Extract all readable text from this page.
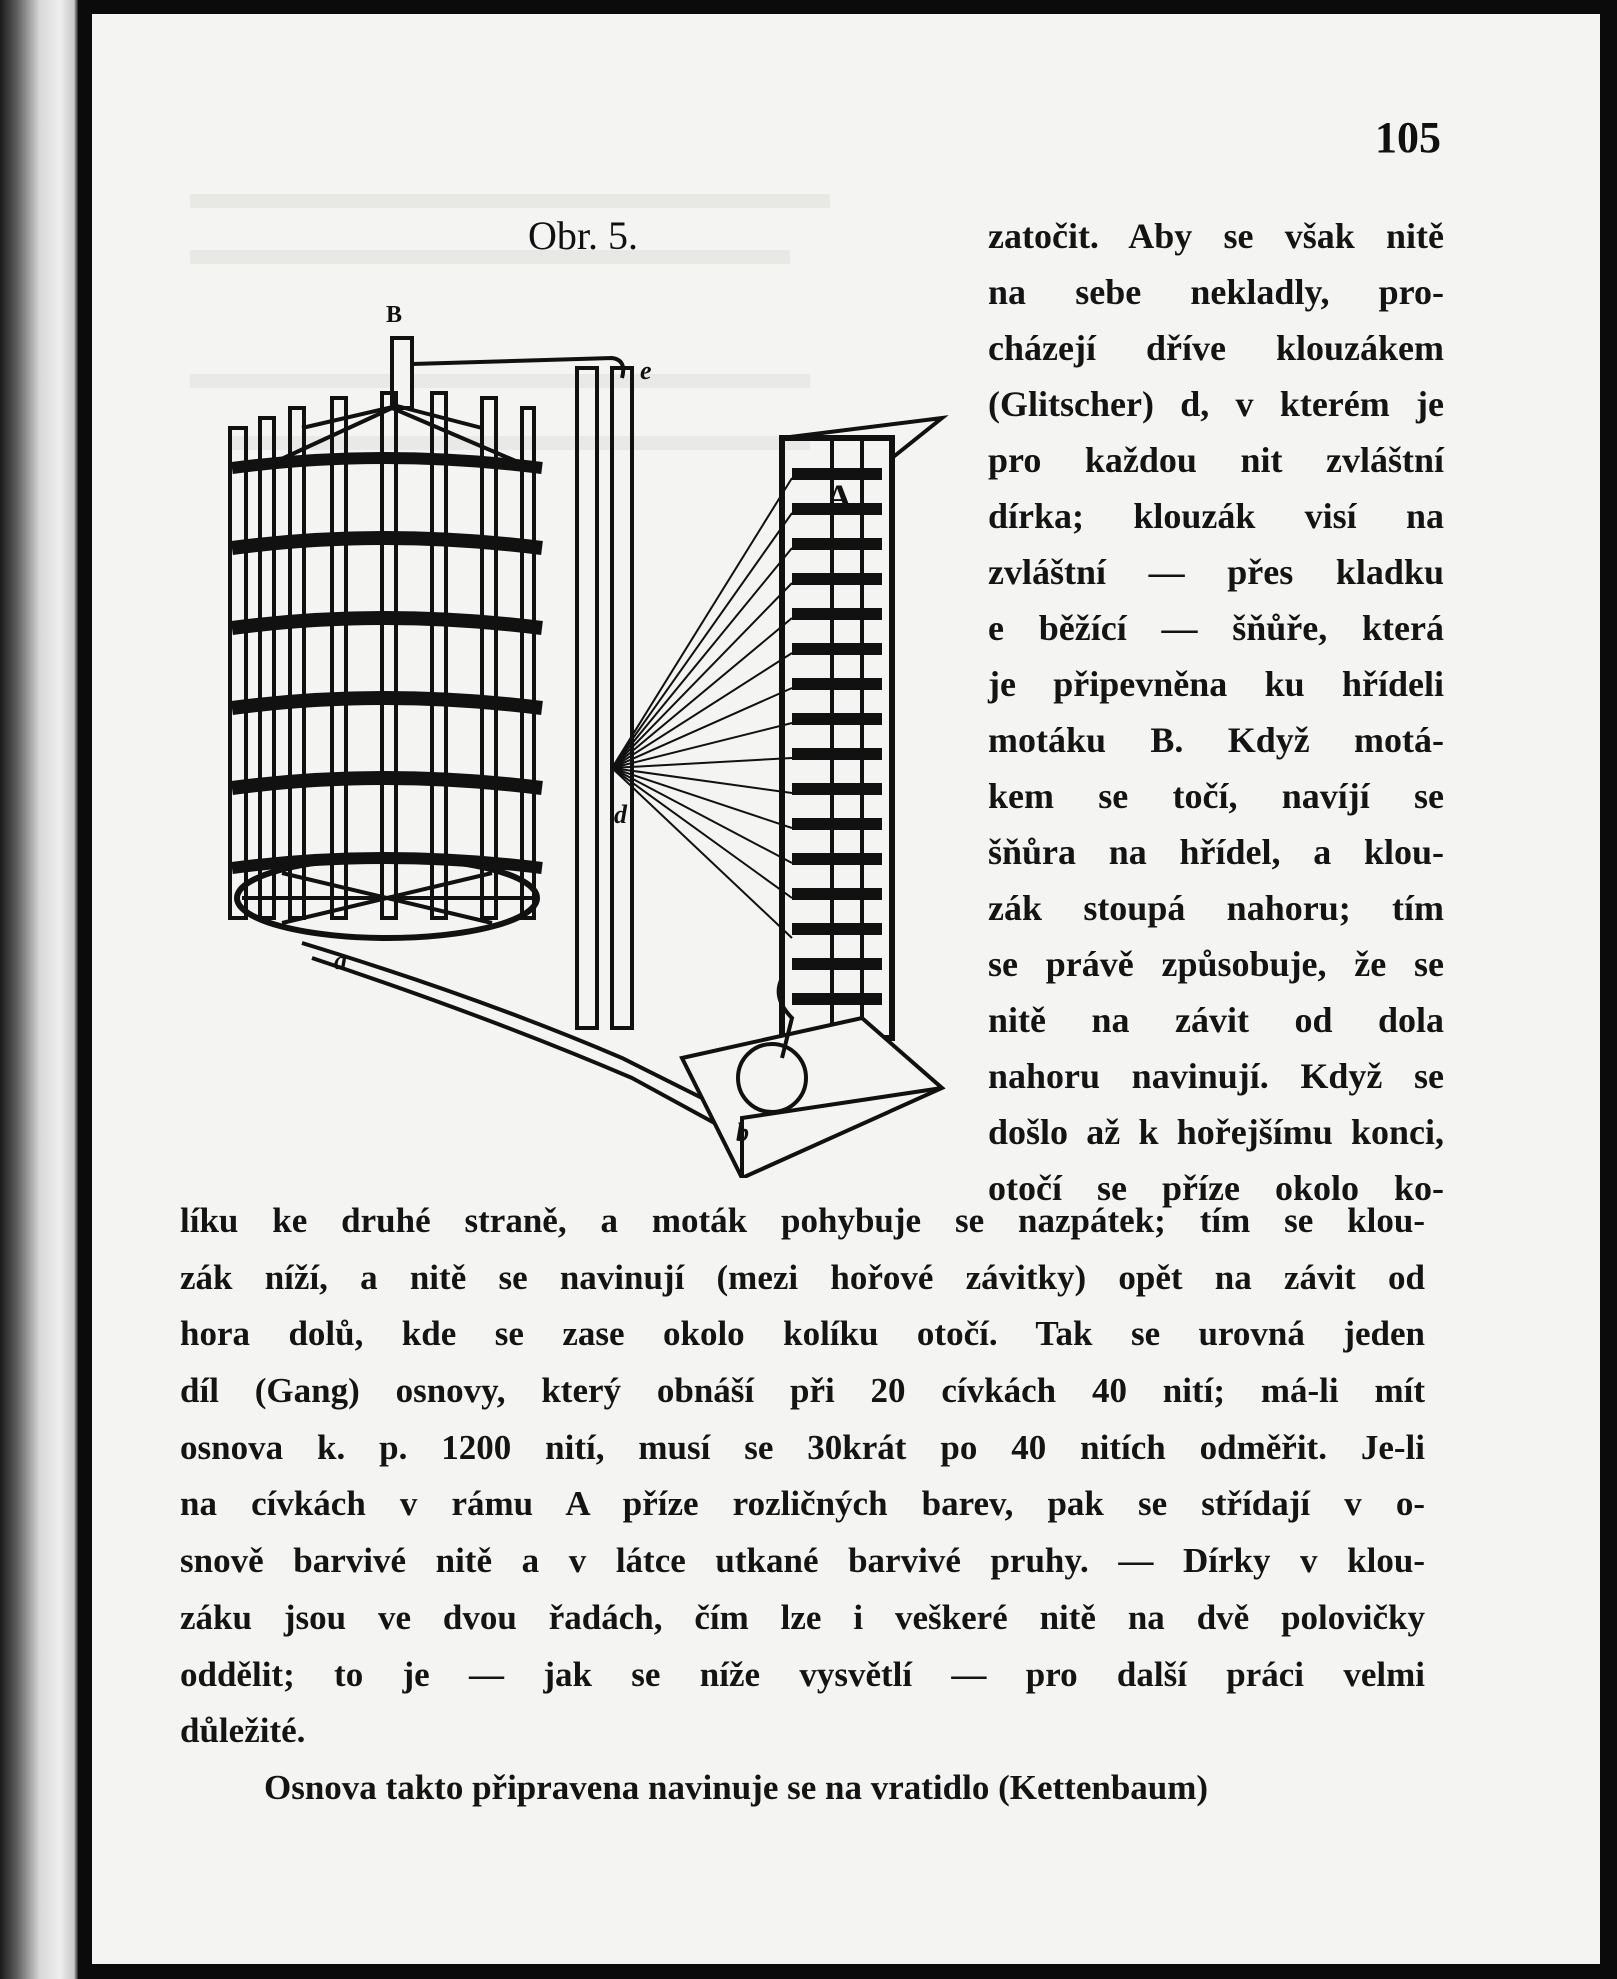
105
Obr. 5.
B
e
A
d
a
b
zatočit. Aby se však nitě
na sebe nekladly, pro-
cházejí dříve klouzákem
(Glitscher) d, v kterém je
pro každou nit zvláštní
dírka; klouzák visí na
zvláštní — přes kladku
e běžící — šňůře, která
je připevněna ku hřídeli
motáku B. Když motá-
kem se točí, navíjí se
šňůra na hřídel, a klou-
zák stoupá nahoru; tím
se právě způsobuje, že se
nitě na závit od dola
nahoru navinují. Když se
došlo až k hořejšímu konci,
otočí se příze okolo ko-
líku ke druhé straně, a moták pohybuje se nazpátek; tím se klou-
zák níží, a nitě se navinují (mezi hořové závitky) opět na závit od
hora dolů, kde se zase okolo kolíku otočí. Tak se urovná jeden
díl (Gang) osnovy, který obnáší při 20 cívkách 40 nití; má-li mít
osnova k. p. 1200 nití, musí se 30krát po 40 nitích odměřit. Je-li
na cívkách v rámu A příze rozličných barev, pak se střídají v o-
snově barvivé nitě a v látce utkané barvivé pruhy. — Dírky v klou-
záku jsou ve dvou řadách, čím lze i veškeré nitě na dvě polovičky
oddělit; to je — jak se níže vysvětlí — pro další práci velmi
důležité.
Osnova takto připravena navinuje se na vratidlo (Kettenbaum)
